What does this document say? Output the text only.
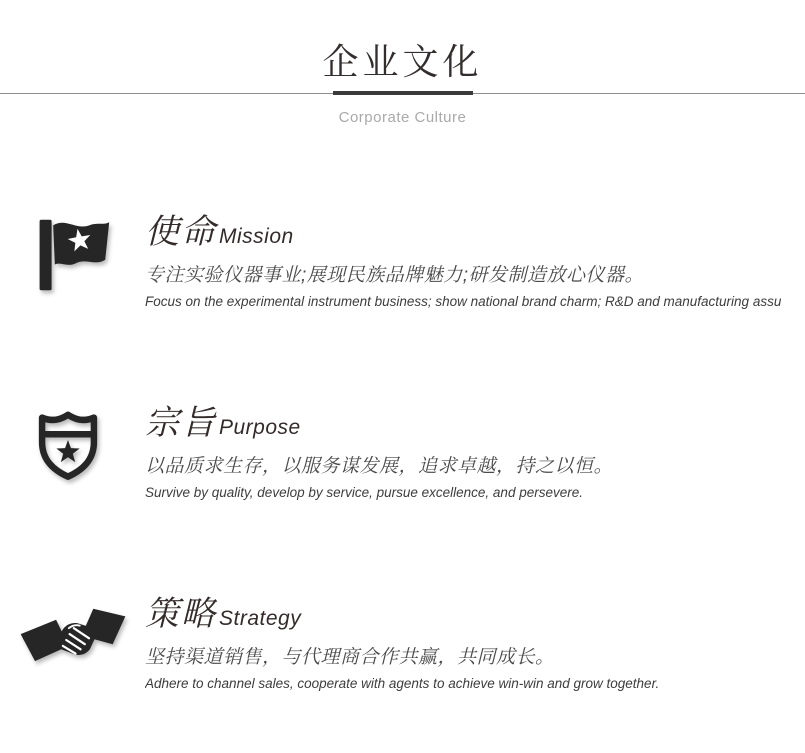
企业文化
Corporate Culture
使命 Mission
专注实验仪器事业;展现民族品牌魅力;研发制造放心仪器。
Focus on the experimental instrument business; show national brand charm; R&D and manufacturing assu
宗旨 Purpose
以品质求生存，以服务谋发展，追求卓越，持之以恒。
Survive by quality, develop by service, pursue excellence, and persevere.
策略 Strategy
坚持渠道销售，与代理商合作共赢，共同成长。
Adhere to channel sales, cooperate with agents to achieve win-win and grow together.
